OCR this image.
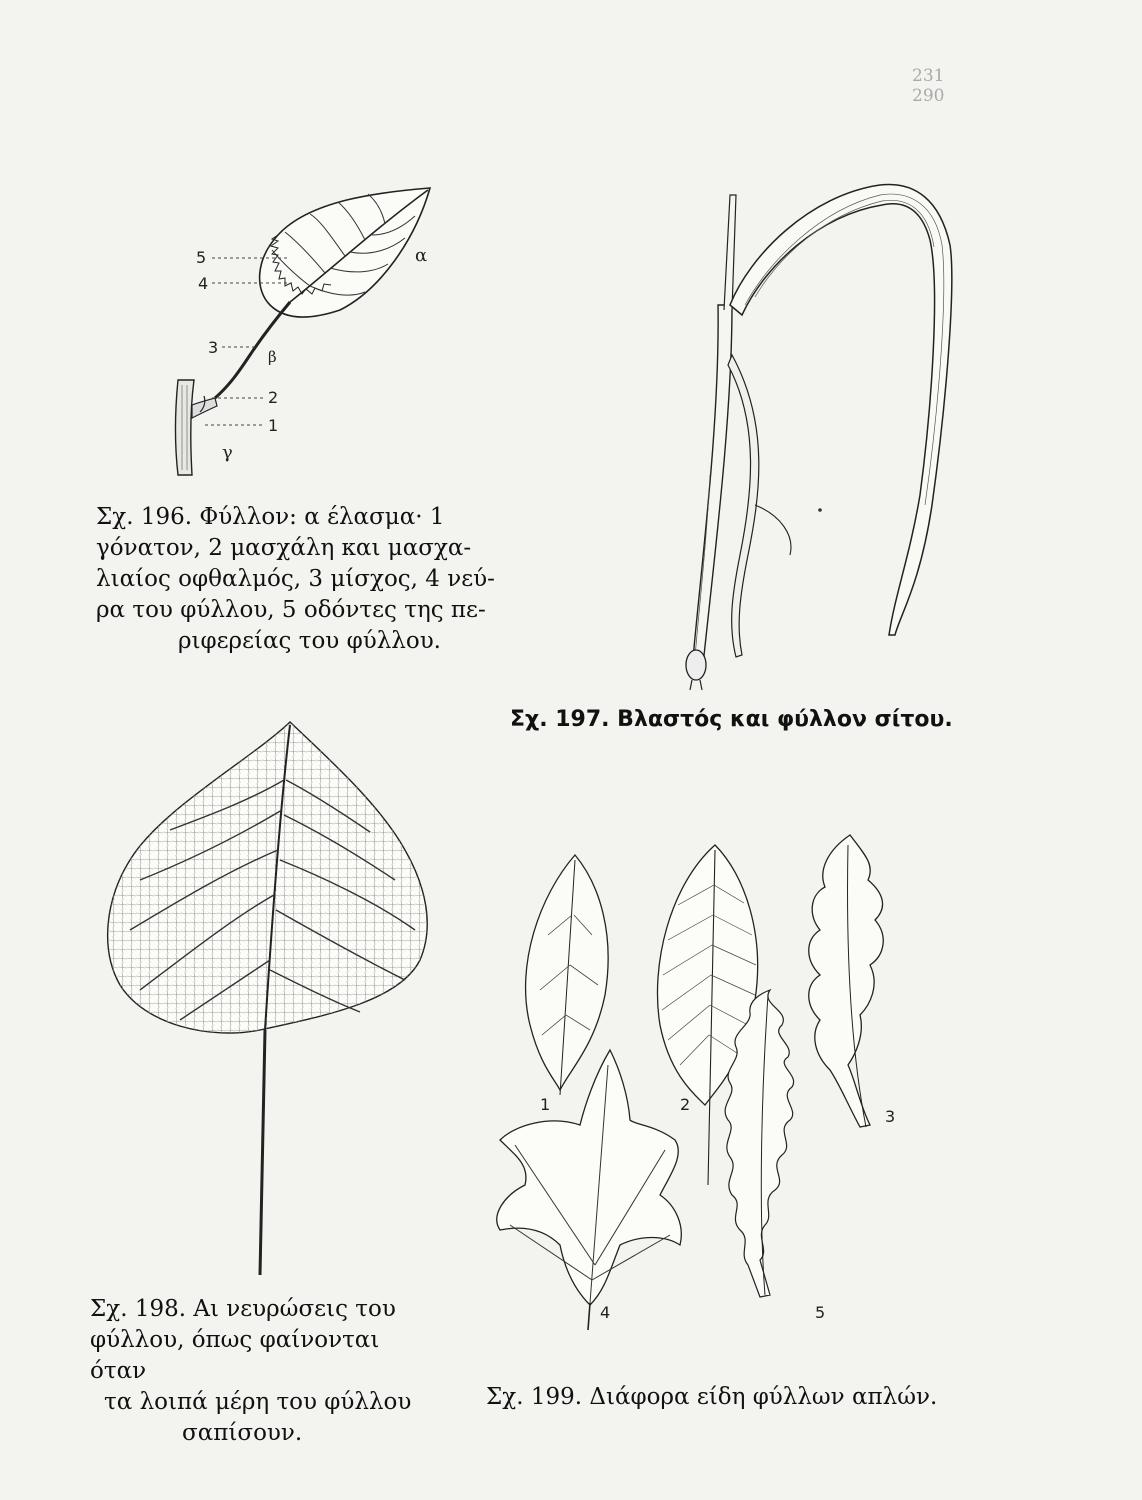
231
290
α
β
γ
5
4
3
2
1
Σχ. 196. Φύλλον: α έλασμα· 1
γόνατον, 2 μασχάλη και μασχα-
λιαίος οφθαλμός, 3 μίσχος, 4 νεύ-
ρα του φύλλου, 5 οδόντες της πε-
ριφερείας του φύλλου.
Σχ. 197. Βλαστός και φύλλον σίτου.
Σχ. 198. Αι νευρώσεις του
φύλλου, όπως φαίνονται όταν
τα λοιπά μέρη του φύλλου
σαπίσουν.
1	2
3
4	5
Σχ. 199. Διάφορα είδη φύλλων απλών.
